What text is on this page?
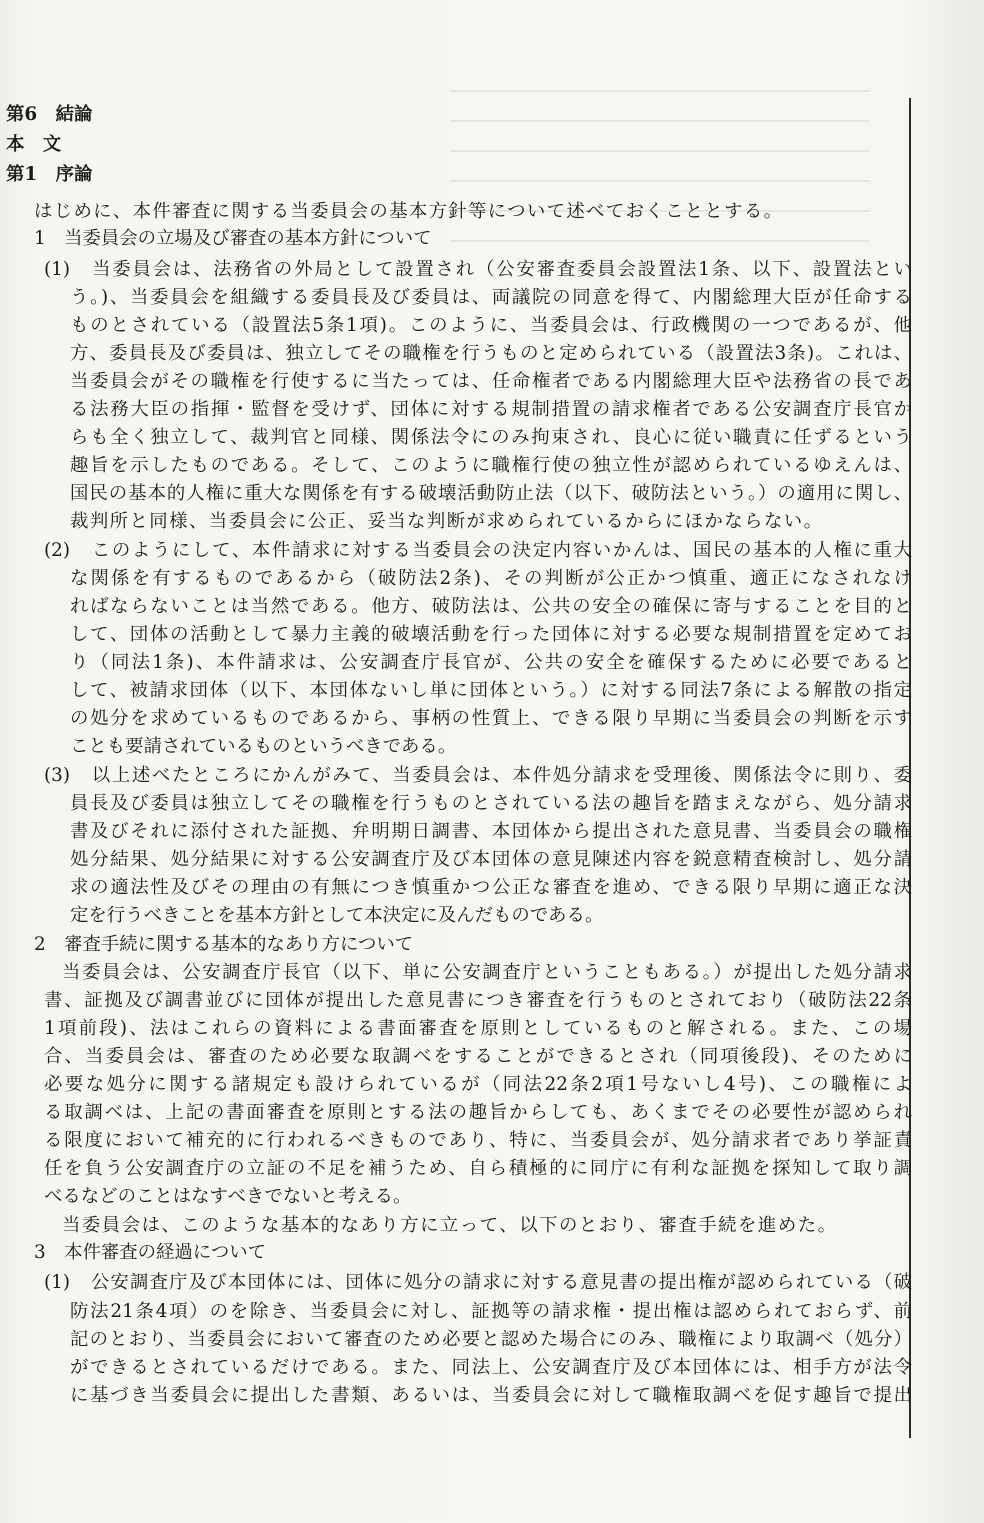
第6　結論
本　文
第1　序論
はじめに、本件審査に関する当委員会の基本方針等について述べておくこととする。
1　当委員会の立場及び審査の基本方針について
(1)　当委員会は、法務省の外局として設置され（公安審査委員会設置法1条、以下、設置法とい
う。)、当委員会を組織する委員長及び委員は、両議院の同意を得て、内閣総理大臣が任命する
ものとされている（設置法5条1項)。このように、当委員会は、行政機関の一つであるが、他
方、委員長及び委員は、独立してその職権を行うものと定められている（設置法3条)。これは、
当委員会がその職権を行使するに当たっては、任命権者である内閣総理大臣や法務省の長であ
る法務大臣の指揮・監督を受けず、団体に対する規制措置の請求権者である公安調査庁長官か
らも全く独立して、裁判官と同様、関係法令にのみ拘束され、良心に従い職責に任ずるという
趣旨を示したものである。そして、このように職権行使の独立性が認められているゆえんは、
国民の基本的人権に重大な関係を有する破壊活動防止法（以下、破防法という。）の適用に関し、
裁判所と同様、当委員会に公正、妥当な判断が求められているからにほかならない。
(2)　このようにして、本件請求に対する当委員会の決定内容いかんは、国民の基本的人権に重大
な関係を有するものであるから（破防法2条)、その判断が公正かつ慎重、適正になされなけ
ればならないことは当然である。他方、破防法は、公共の安全の確保に寄与することを目的と
して、団体の活動として暴力主義的破壊活動を行った団体に対する必要な規制措置を定めてお
り（同法1条)、本件請求は、公安調査庁長官が、公共の安全を確保するために必要であると
して、被請求団体（以下、本団体ないし単に団体という。）に対する同法7条による解散の指定
の処分を求めているものであるから、事柄の性質上、できる限り早期に当委員会の判断を示す
ことも要請されているものというべきである。
(3)　以上述べたところにかんがみて、当委員会は、本件処分請求を受理後、関係法令に則り、委
員長及び委員は独立してその職権を行うものとされている法の趣旨を踏まえながら、処分請求
書及びそれに添付された証拠、弁明期日調書、本団体から提出された意見書、当委員会の職権
処分結果、処分結果に対する公安調査庁及び本団体の意見陳述内容を鋭意精査検討し、処分請
求の適法性及びその理由の有無につき慎重かつ公正な審査を進め、できる限り早期に適正な決
定を行うべきことを基本方針として本決定に及んだものである。
2　審査手続に関する基本的なあり方について
当委員会は、公安調査庁長官（以下、単に公安調査庁ということもある。）が提出した処分請求
書、証拠及び調書並びに団体が提出した意見書につき審査を行うものとされており（破防法22条
1項前段)、法はこれらの資料による書面審査を原則としているものと解される。また、この場
合、当委員会は、審査のため必要な取調べをすることができるとされ（同項後段)、そのために
必要な処分に関する諸規定も設けられているが（同法22条2項1号ないし4号)、この職権によ
る取調べは、上記の書面審査を原則とする法の趣旨からしても、あくまでその必要性が認められ
る限度において補充的に行われるべきものであり、特に、当委員会が、処分請求者であり挙証責
任を負う公安調査庁の立証の不足を補うため、自ら積極的に同庁に有利な証拠を探知して取り調
べるなどのことはなすべきでないと考える。
当委員会は、このような基本的なあり方に立って、以下のとおり、審査手続を進めた。
3　本件審査の経過について
(1)　公安調査庁及び本団体には、団体に処分の請求に対する意見書の提出権が認められている（破
防法21条4項）のを除き、当委員会に対し、証拠等の請求権・提出権は認められておらず、前
記のとおり、当委員会において審査のため必要と認めた場合にのみ、職権により取調べ（処分）
ができるとされているだけである。また、同法上、公安調査庁及び本団体には、相手方が法令
に基づき当委員会に提出した書類、あるいは、当委員会に対して職権取調べを促す趣旨で提出
